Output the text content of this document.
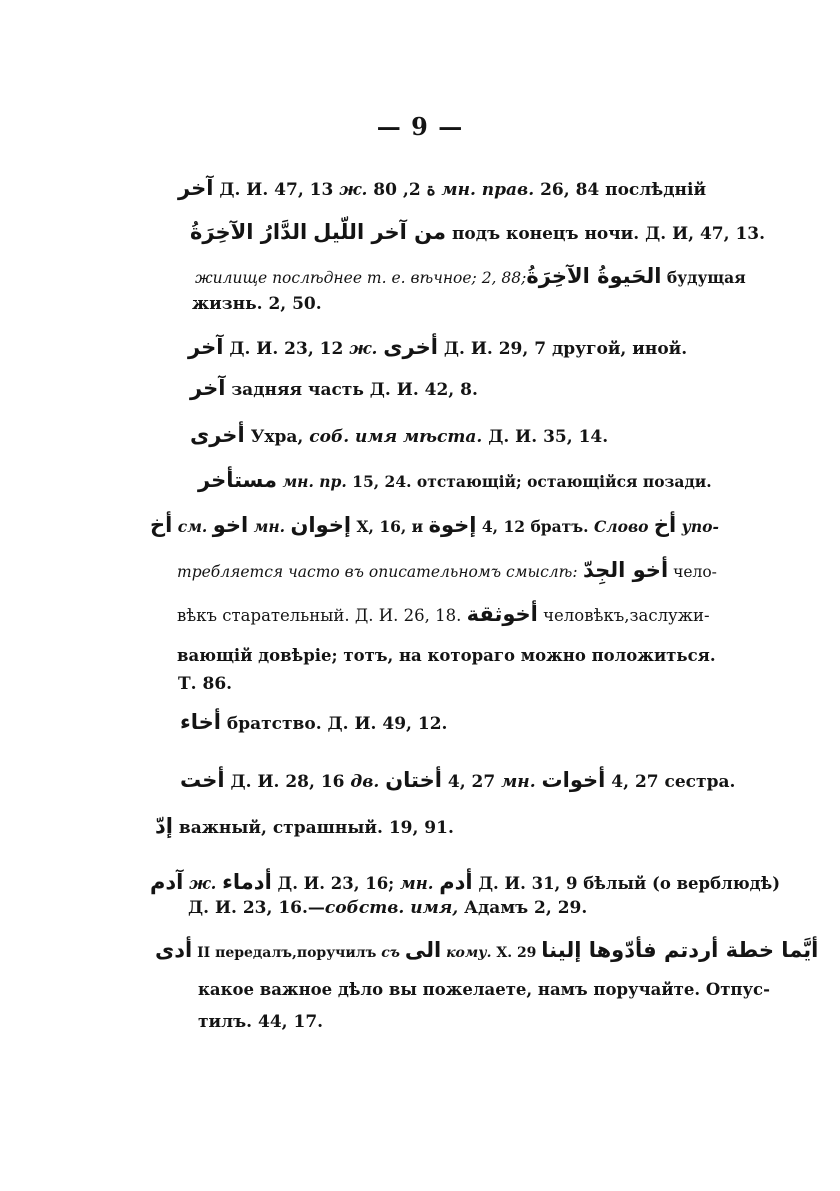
— 9 —
آخر Д. И. 47, 13 ж. ة 2, 80 мн. прав. 26, 84 послѣдній
الدَّارُ الآخِرَةُ من آخر اللّيل подъ конецъ ночи. Д. И, 47, 13.
жилище послѣднее т. е. вѣчное; 2, 88;الحَيوةُ الآخِرَةُ будущая
жизнь. 2, 50.
آخر Д. И. 23, 12 ж. أخرى Д. И. 29, 7 другой, иной.
آخر задняя часть Д. И. 42, 8.
أخرى Ухра, соб. имя мѣста. Д. И. 35, 14.
مستأخر мн. пр. 15, 24. отстающій; остающійся позади.
أخ см. اخو мн. إخوان X, 16, и إخوة 4, 12 братъ. Слово أخ упо-
требляется часто въ описательномъ смыслѣ: أخو الجِدّ чело-
вѣкъ старательный. Д. И. 26, 18. أخوثقة человѣкъ,заслужи-
вающій довѣріе; тотъ, на котораго можно положиться.
Т. 86.
أخاء братство. Д. И. 49, 12.
أخت Д. И. 28, 16 дв. أختان 4, 27 мн. أخوات 4, 27 сестра.
إدّ важный, страшный. 19, 91.
آدم ж. أدماء Д. И. 23, 16; мн. أدم Д. И. 31, 9 бѣлый (о верблюдѣ)
Д. И. 23, 16.—собств. имя, Адамъ 2, 29.
أدى II передалъ,поручилъ съ الى кому. X. 29 أيَّما خطة أردتم فأدّوها إلينا
какое важное дѣло вы пожелаете, намъ поручайте. Отпус-
тилъ. 44, 17.
